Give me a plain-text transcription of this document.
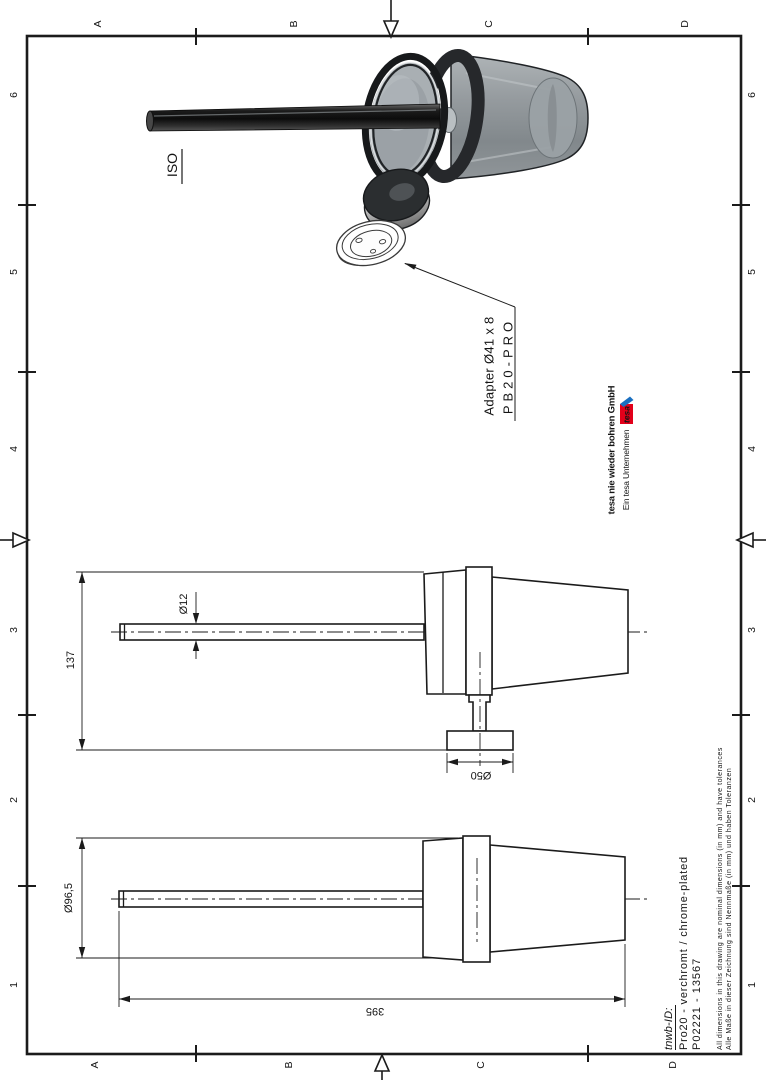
A	B	C	D
A	B	C	D
6
5
4
3
2
1
6
5
4
3
2
1
Adapter Ø41 x 8 PB20-PRO
ISO
tesa nie wieder bohren GmbH Ein tesa Unternehmen
tesa
137
Ø12
Ø50
Ø96,5
395	tnwb-ID: Pro20 - verchromt / chrome-plated P02221 - 13567 All dimensions in this drawing are nominal dimensions (in mm) and have tolerances Alle Maße in dieser Zeichnung sind Nennmaße (in mm) und haben Toleranzen
